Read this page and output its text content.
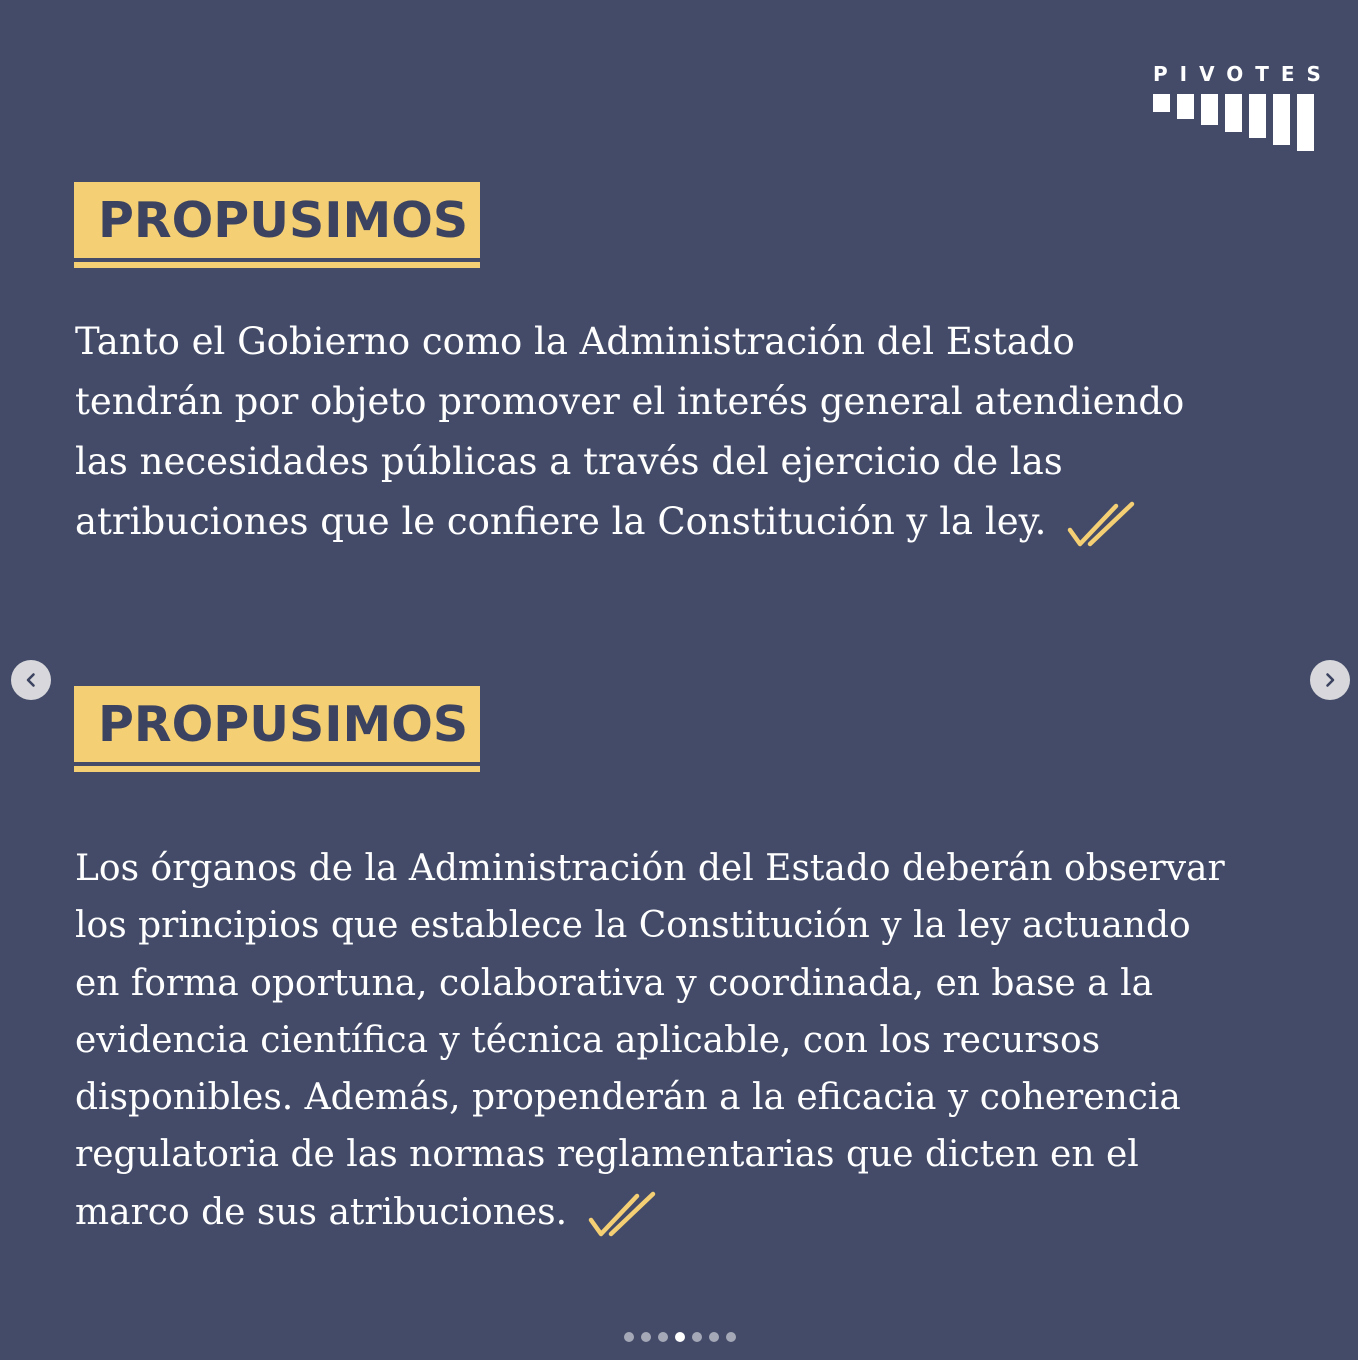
PIVOTES
PROPUSIMOS

Tanto el Gobierno como la Administración del Estado
tendrán por objeto promover el interés general atendiendo
las necesidades públicas a través del ejercicio de las
atribuciones que le confiere la Constitución y la ley.

PROPUSIMOS

Los órganos de la Administración del Estado deberán observar
los principios que establece la Constitución y la ley actuando
en forma oportuna, colaborativa y coordinada, en base a la
evidencia científica y técnica aplicable, con los recursos
disponibles. Además, propenderán a la eficacia y coherencia
regulatoria de las normas reglamentarias que dicten en el
marco de sus atribuciones.
